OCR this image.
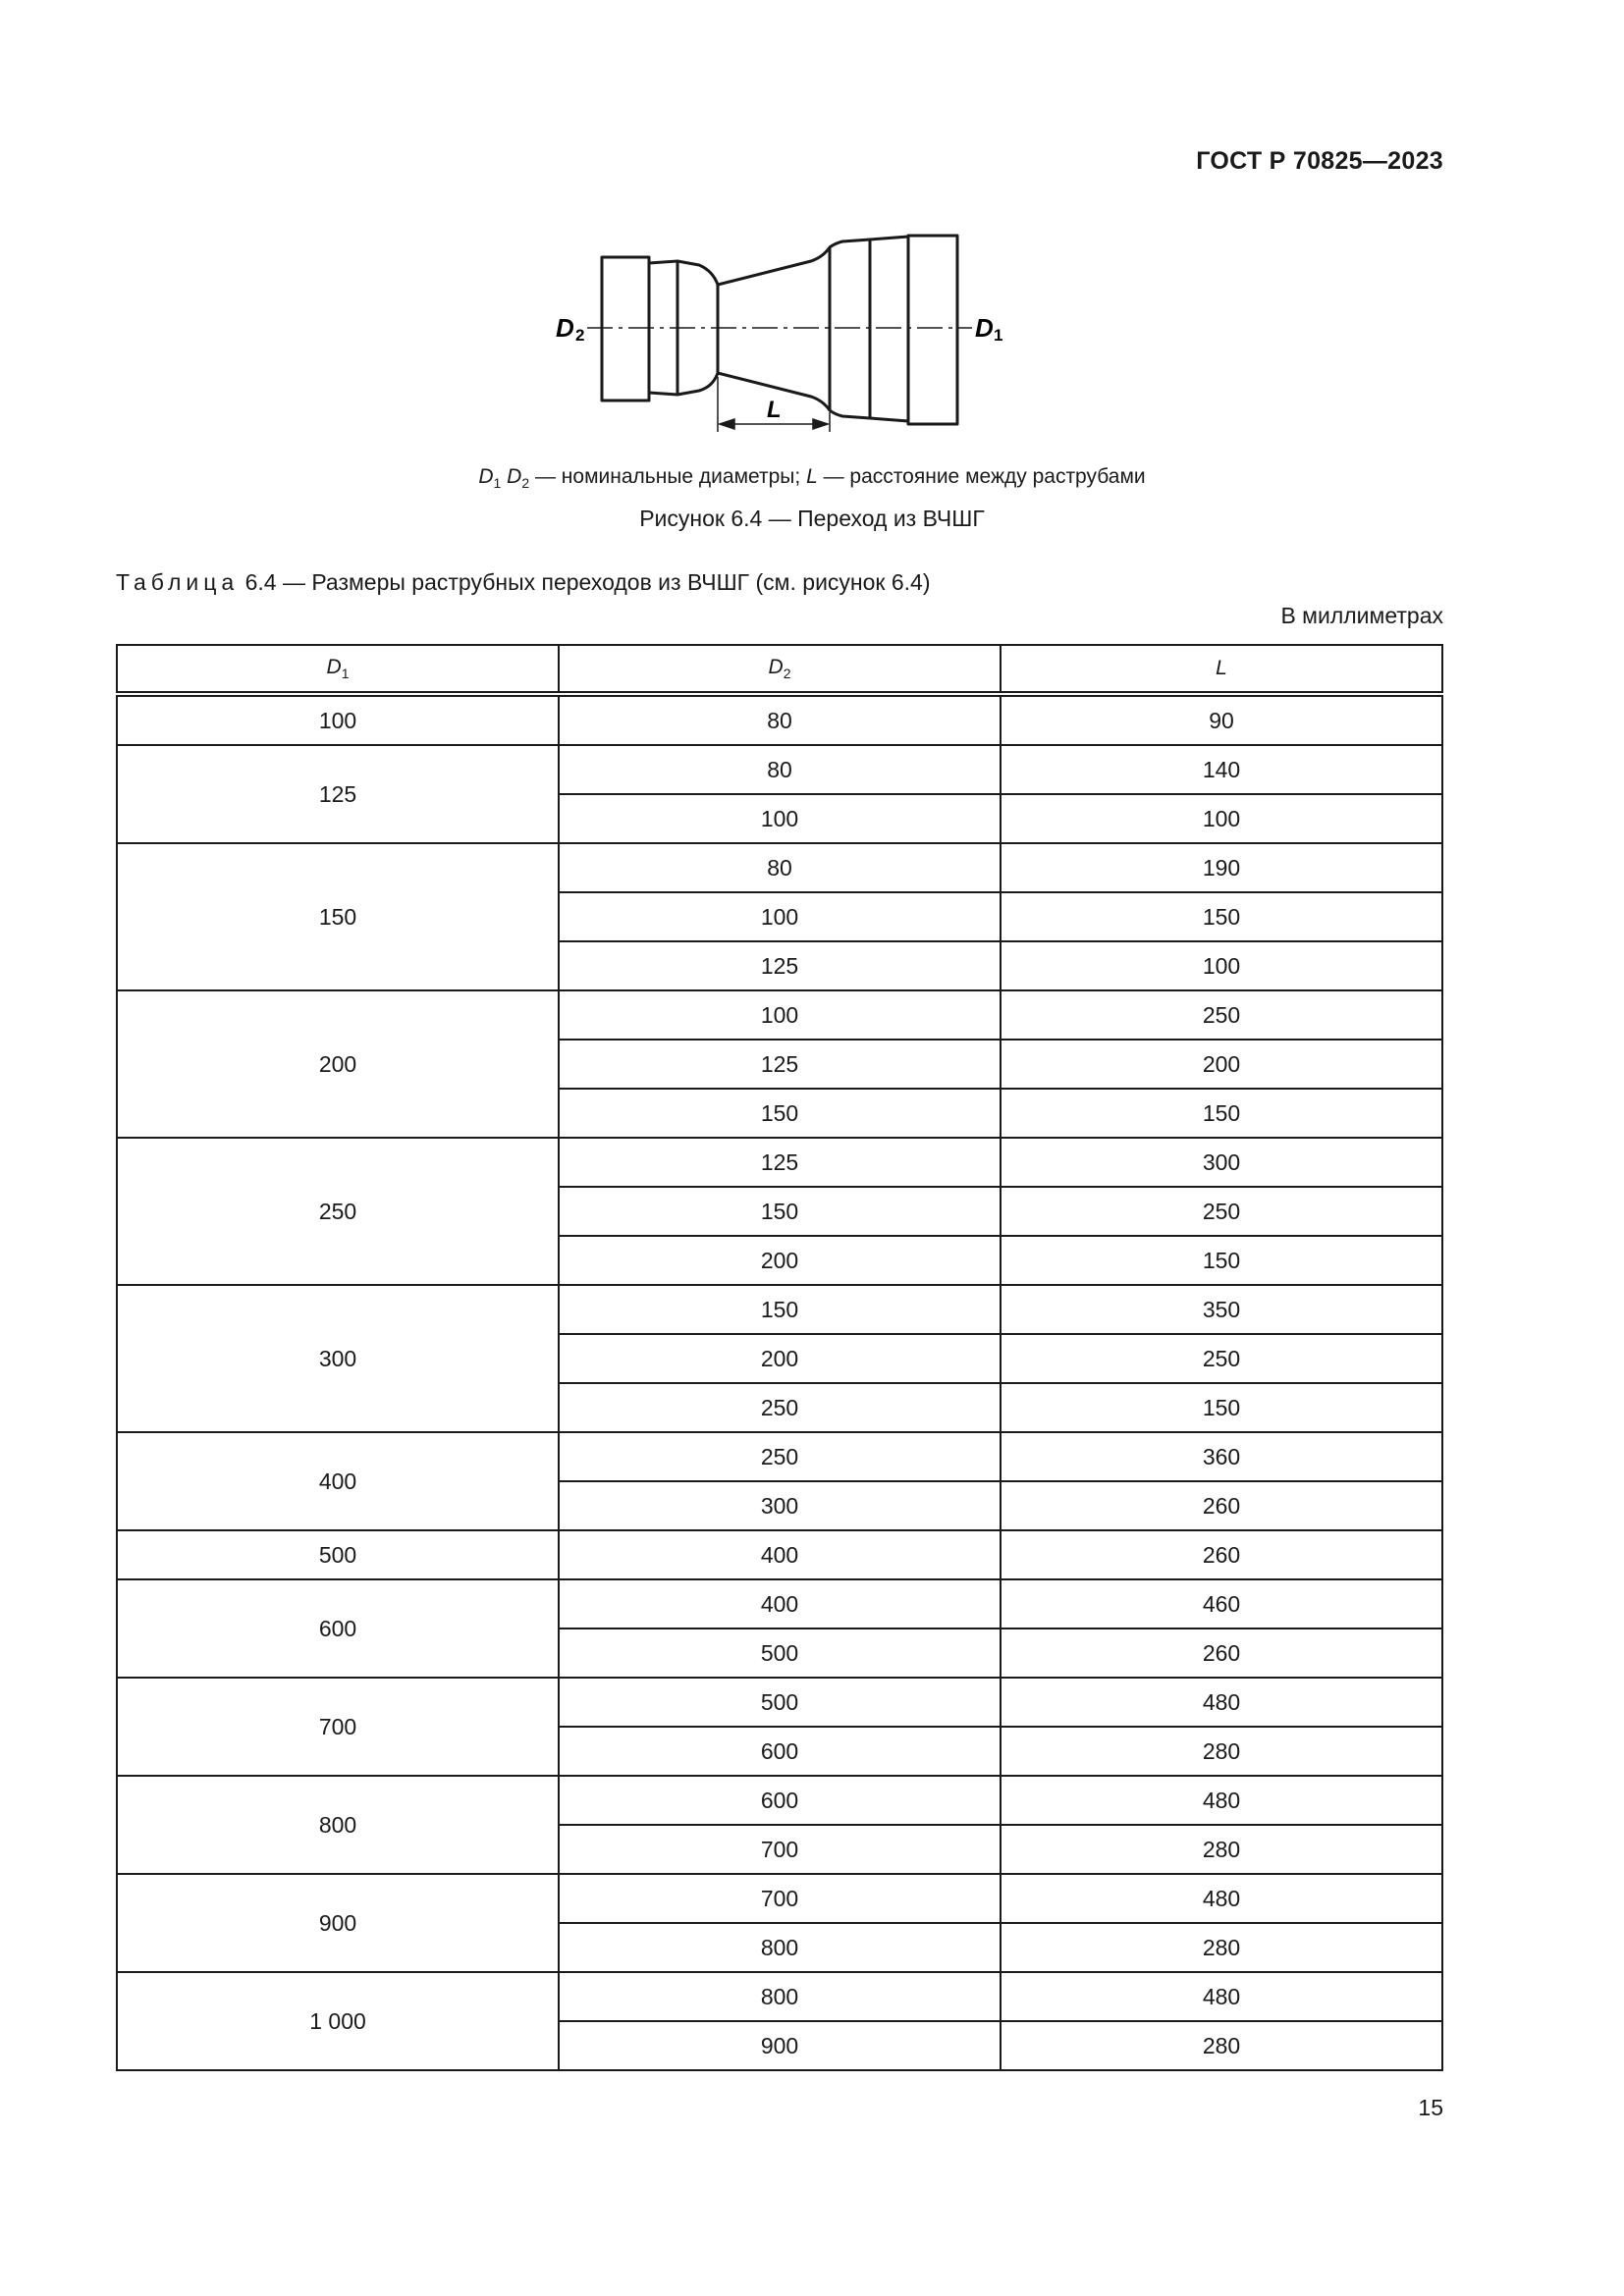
ГОСТ Р 70825—2023
D 2	D 1
L
$D_1$ $D_2$ — номинальные диаметры; L — расстояние между раструбами
Рисунок 6.4 — Переход из ВЧШГ
Таблица 6.4 — Размеры раструбных переходов из ВЧШГ (см. рисунок 6.4)
В миллиметрах
$D_1$	$D_2$	L
100	80	90
125	80	140
	100	100
150	80	190
	100	150
	125	100
200	100	250
	125	200
	150	150
250	125	300
	150	250
	200	150
300	150	350
	200	250
	250	150
400	250	360
	300	260
500	400	260
600	400	460
	500	260
700	500	480
	600	280
800	600	480
	700	280
900	700	480
	800	280
1 000	800	480
	900	280
15
